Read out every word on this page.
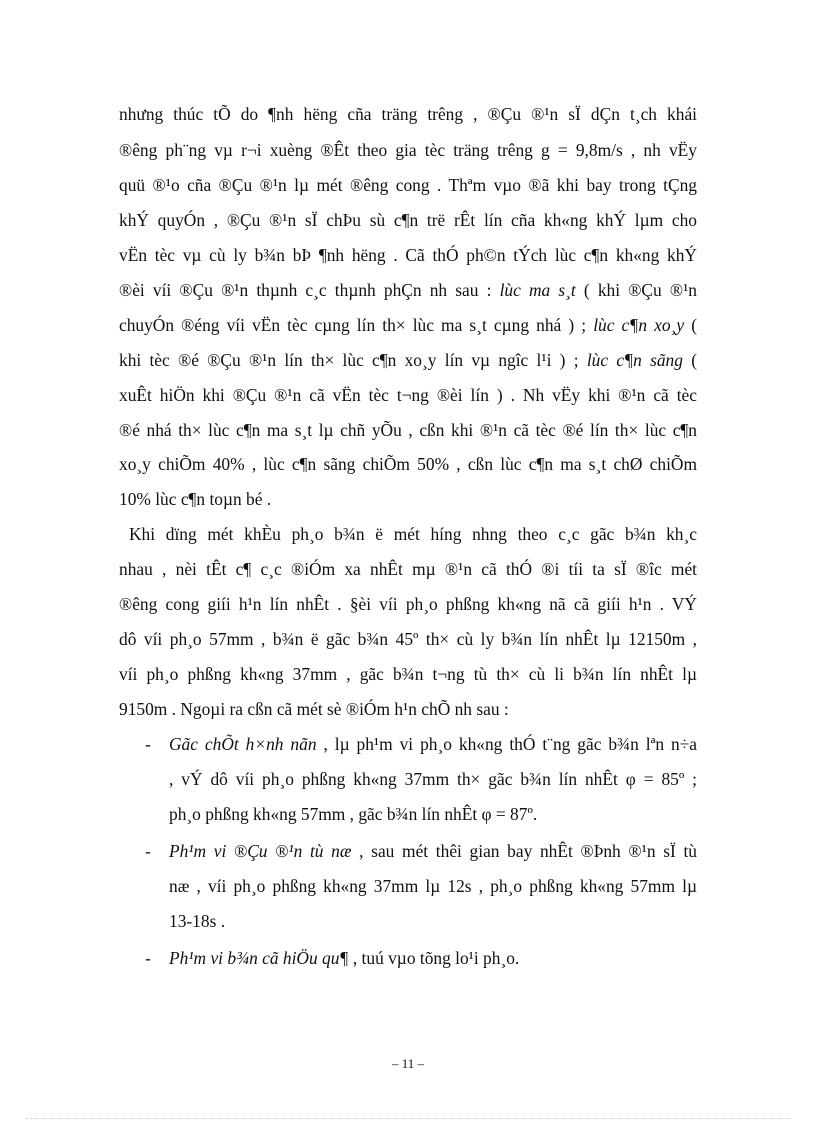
nhưng thúc tÕ do ¶nh hëng cña träng trêng , ®Çu ®¹n sÏ dÇn t¸ch khái
®êng ph¨ng vµ r¬i xuèng ®Êt theo gia tèc träng trêng g = 9,8m/s , nh vËy
quü ®¹o cña ®Çu ®¹n lµ mét ®êng cong . Thªm vµo ®ã khi bay trong tÇng
khÝ quyÓn , ®Çu ®¹n sÏ chÞu sù c¶n trë rÊt lín cña kh«ng khÝ lµm cho
vËn tèc vµ cù ly b¾n bÞ ¶nh hëng . Cã thÓ ph©n tÝch lùc c¶n kh«ng khÝ
®èi víi ®Çu ®¹n thµnh c¸c thµnh phÇn nh sau : lùc ma s¸t ( khi ®Çu ®¹n
chuyÓn ®éng víi vËn tèc cµng lín th× lùc ma s¸t cµng nhá ) ; lùc c¶n xo¸y (
khi tèc ®é ®Çu ®¹n lín th× lùc c¶n xo¸y lín vµ ngîc l¹i ) ; lùc c¶n sãng (
xuÊt hiÖn khi ®Çu ®¹n cã vËn tèc t¬ng ®èi lín ) . Nh vËy khi ®¹n cã tèc
®é nhá th× lùc c¶n ma s¸t lµ chñ yÕu , cßn khi ®¹n cã tèc ®é lín th× lùc c¶n
xo¸y chiÕm 40% , lùc c¶n sãng chiÕm 50% , cßn lùc c¶n ma s¸t chØ chiÕm
10% lùc c¶n toµn bé .
Khi dïng mét khÈu ph¸o b¾n ë mét híng nhng theo c¸c gãc b¾n kh¸c
nhau , nèi tÊt c¶ c¸c ®iÓm xa nhÊt mµ ®¹n cã thÓ ®i tíi ta sÏ ®îc mét
®êng cong giíi h¹n lín nhÊt . §èi víi ph¸o phßng kh«ng nã cã giíi h¹n . VÝ
dô víi ph¸o 57mm , b¾n ë gãc b¾n 45º th× cù ly b¾n lín nhÊt lµ 12150m ,
víi ph¸o phßng kh«ng 37mm , gãc b¾n t¬ng tù th× cù li b¾n lín nhÊt lµ
9150m . Ngoµi ra cßn cã mét sè ®iÓm h¹n chÕ nh sau :
- Gãc chÕt h×nh nãn , lµ ph¹m vi ph¸o kh«ng thÓ t¨ng gãc b¾n lªn n÷a
, vÝ dô víi ph¸o phßng kh«ng 37mm th× gãc b¾n lín nhÊt φ = 85º ;
ph¸o phßng kh«ng 57mm , gãc b¾n lín nhÊt φ = 87º.
- Ph¹m vi ®Çu ®¹n tù næ , sau mét thêi gian bay nhÊt ®Þnh ®¹n sÏ tù
næ , víi ph¸o phßng kh«ng 37mm lµ 12s , ph¸o phßng kh«ng 57mm lµ
13-18s .
- Ph¹m vi b¾n cã hiÖu qu¶ , tuú vµo tõng lo¹i ph¸o.
– 11 –
